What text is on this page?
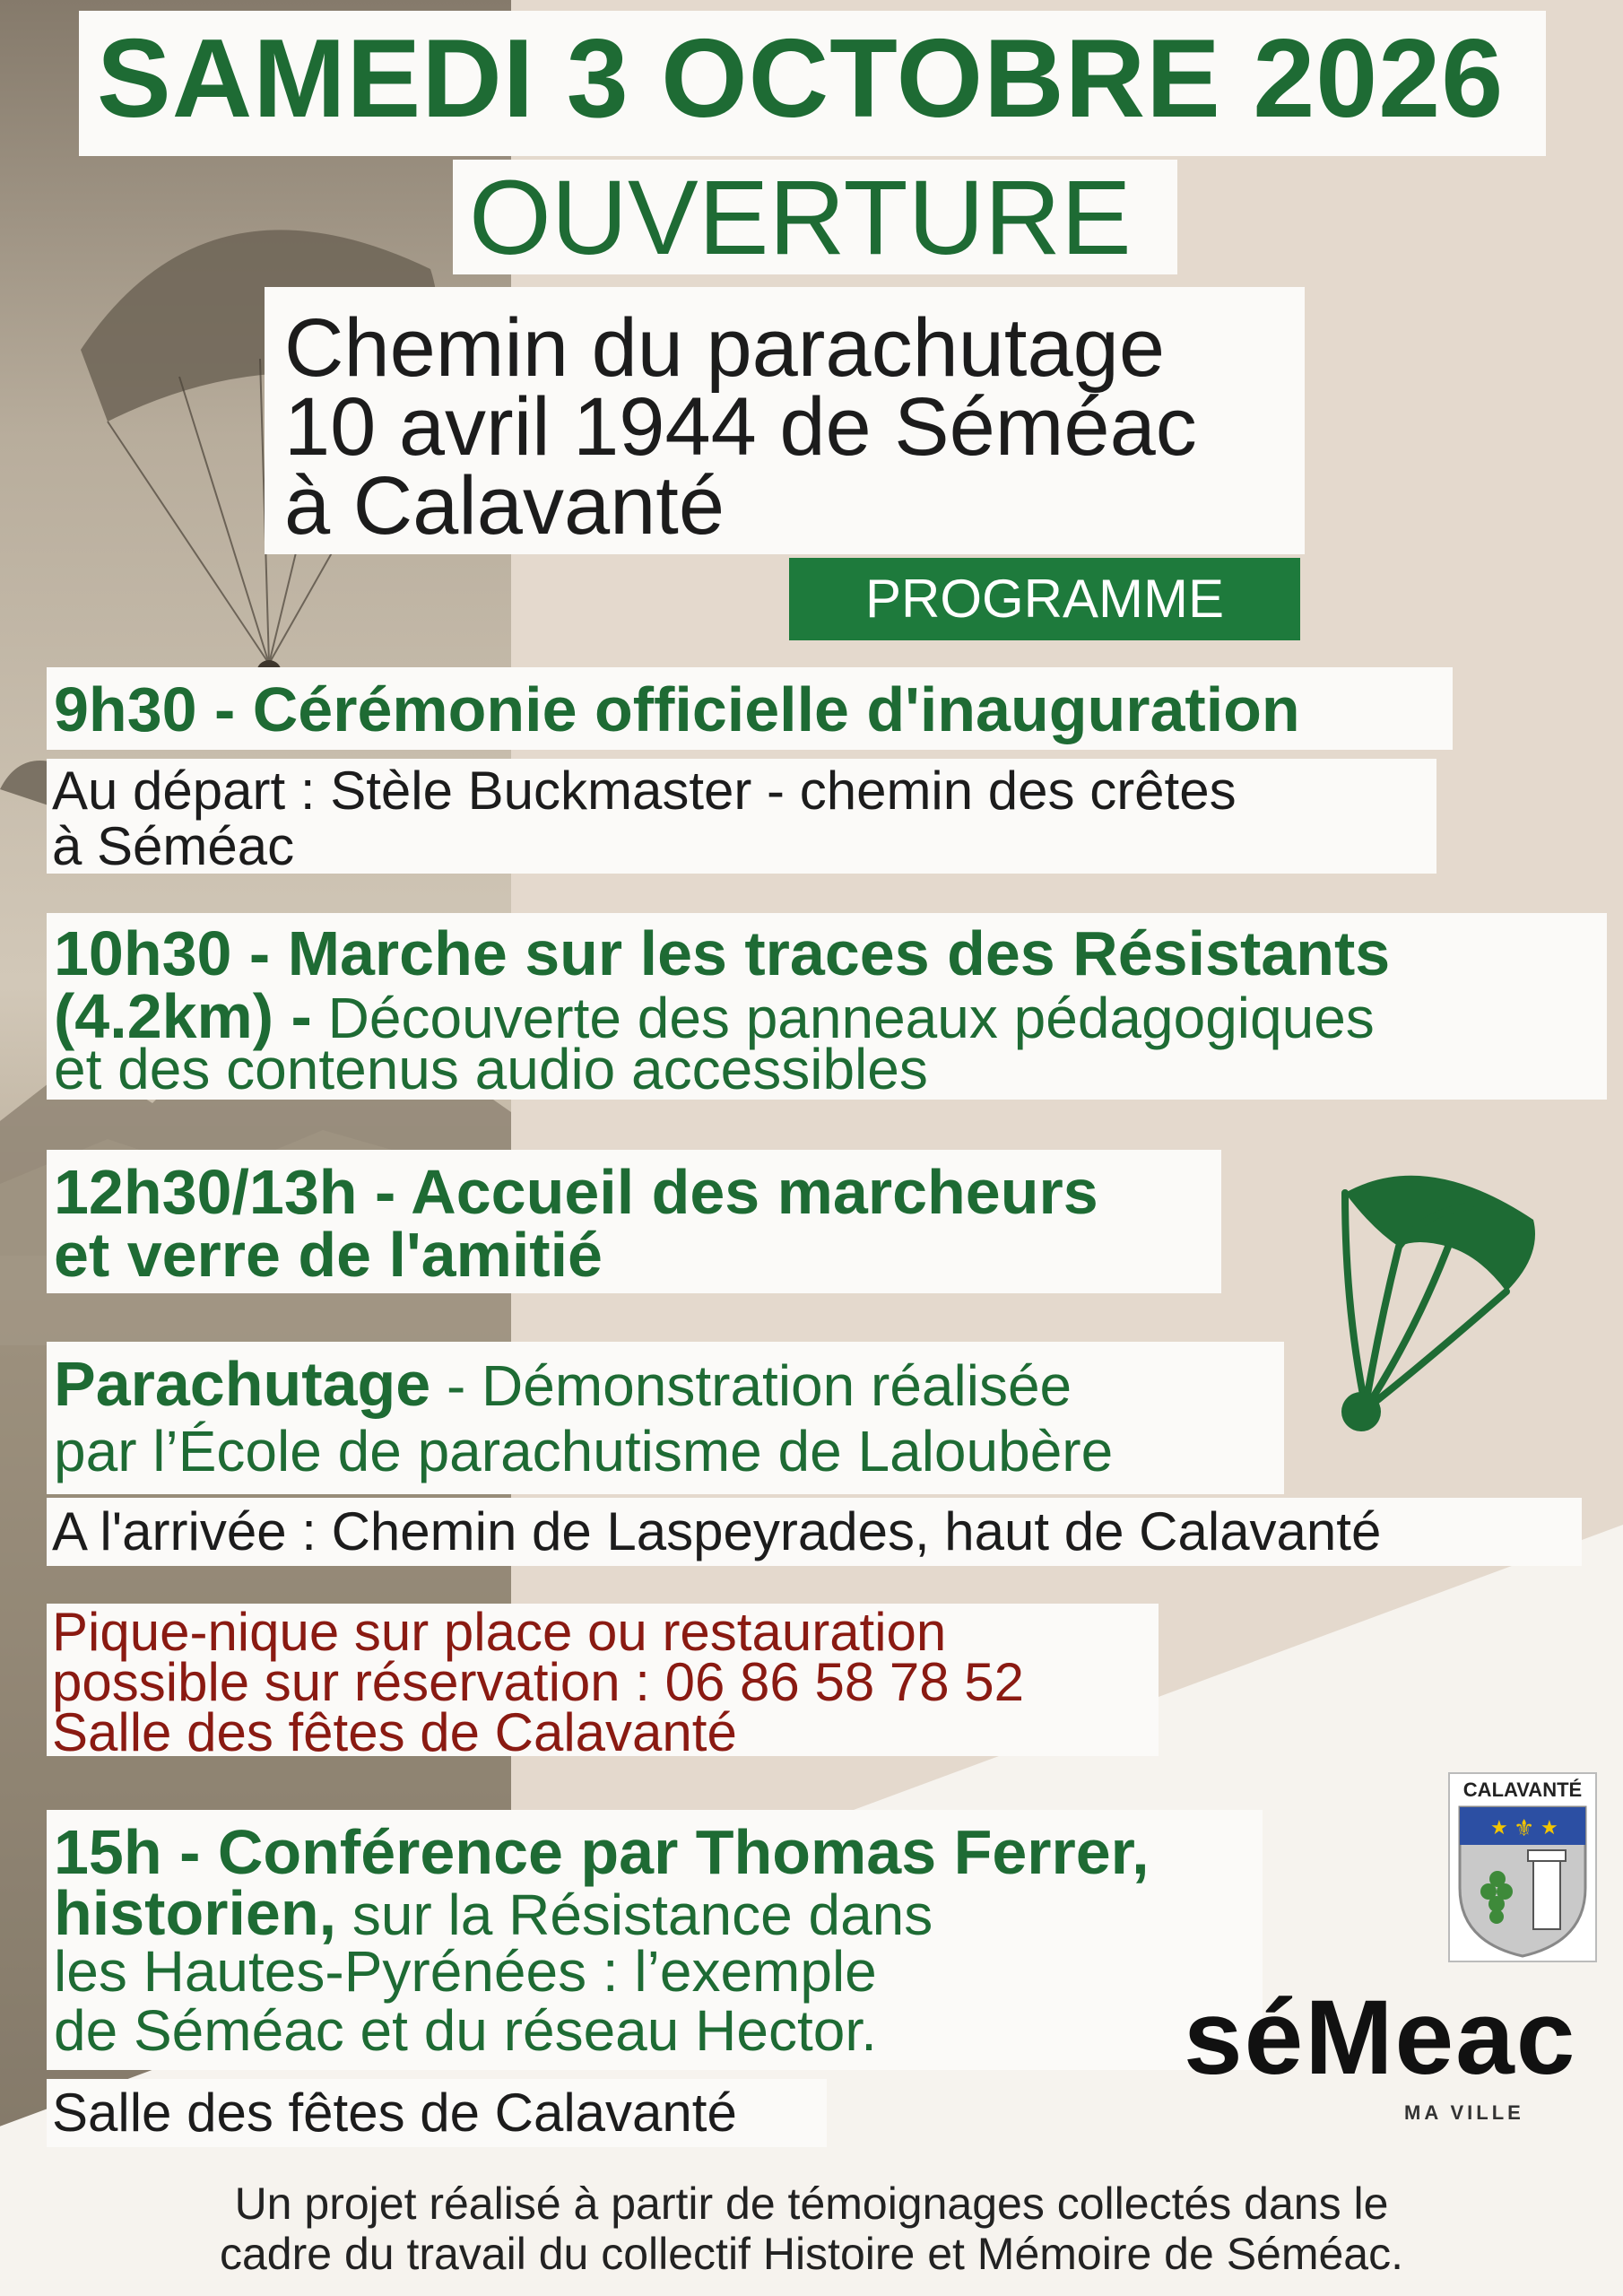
SAMEDI 3 OCTOBRE 2026
OUVERTURE
Chemin du parachutage
10 avril 1944 de Séméac
à Calavanté
PROGRAMME
9h30 - Cérémonie officielle d'inauguration
Au départ : Stèle Buckmaster - chemin des crêtes
à Séméac
10h30 - Marche sur les traces des Résistants
(4.2km) - Découverte des panneaux pédagogiques
et des contenus audio accessibles
12h30/13h - Accueil des marcheurs
et verre de l'amitié
Parachutage - Démonstration réalisée
par l’École de parachutisme de Laloubère
A l'arrivée : Chemin de Laspeyrades, haut de Calavanté
Pique-nique sur place ou restauration
possible sur réservation : 06 86 58 78 52
Salle des fêtes de Calavanté
15h - Conférence par Thomas Ferrer,
historien, sur la Résistance dans
les Hautes-Pyrénées : l’exemple
de Séméac et du réseau Hector.
Salle des fêtes de Calavanté
★ ⚜ ★
CALAVANTÉ
séMeac
MA VILLE
Un projet réalisé à partir de témoignages collectés dans le
cadre du travail du collectif Histoire et Mémoire de Séméac.
